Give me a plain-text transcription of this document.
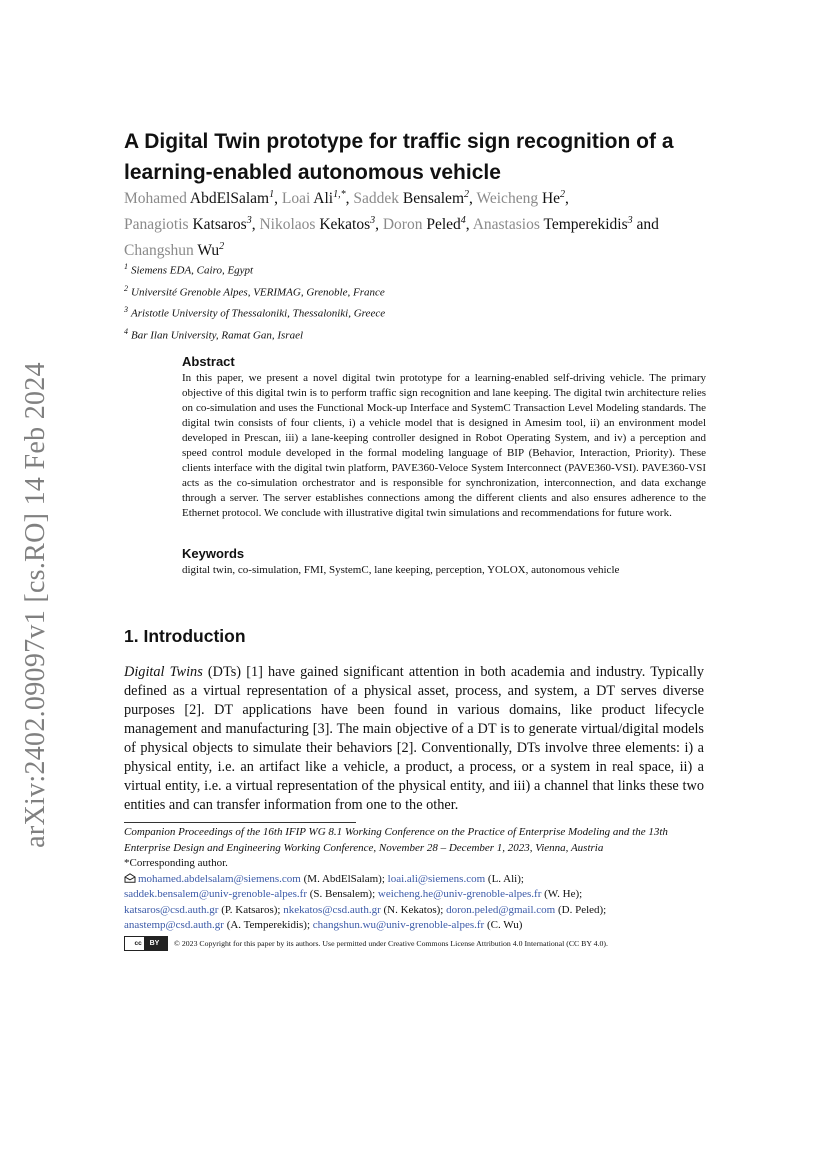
arXiv:2402.09097v1 [cs.RO] 14 Feb 2024
A Digital Twin prototype for traffic sign recognition of a learning-enabled autonomous vehicle
Mohamed AbdElSalam$^1$, Loai Ali$^{1,*}$, Saddek Bensalem$^2$, Weicheng He$^2$,
Panagiotis Katsaros$^3$, Nikolaos Kekatos$^3$, Doron Peled$^4$, Anastasios Temperekidis$^3$ and
Changshun Wu$^2$
$^1$ Siemens EDA, Cairo, Egypt
$^2$ Université Grenoble Alpes, VERIMAG, Grenoble, France
$^3$ Aristotle University of Thessaloniki, Thessaloniki, Greece
$^4$ Bar Ilan University, Ramat Gan, Israel
Abstract

In this paper, we present a novel digital twin prototype for a learning-enabled self-driving vehicle. The primary objective of this digital twin is to perform traffic sign recognition and lane keeping. The digital twin architecture relies on co-simulation and uses the Functional Mock-up Interface and SystemC Transaction Level Modeling standards. The digital twin consists of four clients, i) a vehicle model that is designed in Amesim tool, ii) an environment model developed in Prescan, iii) a lane-keeping controller designed in Robot Operating System, and iv) a perception and speed control module developed in the formal modeling language of BIP (Behavior, Interaction, Priority). These clients interface with the digital twin platform, PAVE360-Veloce System Interconnect (PAVE360-VSI). PAVE360-VSI acts as the co-simulation orchestrator and is responsible for synchronization, interconnection, and data exchange through a server. The server establishes connections among the different clients and also ensures adherence to the Ethernet protocol. We conclude with illustrative digital twin simulations and recommendations for future work.

Keywords

digital twin, co-simulation, FMI, SystemC, lane keeping, perception, YOLOX, autonomous vehicle

1. Introduction

Digital Twins (DTs) [1] have gained significant attention in both academia and industry. Typically defined as a virtual representation of a physical asset, process, and system, a DT serves diverse purposes [2]. DT applications have been found in various domains, like product lifecycle management and manufacturing [3]. The main objective of a DT is to generate virtual/digital models of physical objects to simulate their behaviors [2]. Conventionally, DTs involve three elements: i) a physical entity, i.e. an artifact like a vehicle, a product, a process, or a system in real space, ii) a virtual entity, i.e. a virtual representation of the physical entity, and iii) a channel that links these two entities and can transfer information from one to the other.

Companion Proceedings of the 16th IFIP WG 8.1 Working Conference on the Practice of Enterprise Modeling and the 13th Enterprise Design and Engineering Working Conference, November 28 – December 1, 2023, Vienna, Austria
*Corresponding author.
mohamed.abdelsalam@siemens.com (M. AbdElSalam); loai.ali@siemens.com (L. Ali);
saddek.bensalem@univ-grenoble-alpes.fr (S. Bensalem); weicheng.he@univ-grenoble-alpes.fr (W. He);
katsaros@csd.auth.gr (P. Katsaros); nkekatos@csd.auth.gr (N. Kekatos); doron.peled@gmail.com (D. Peled);
anastemp@csd.auth.gr (A. Temperekidis); changshun.wu@univ-grenoble-alpes.fr (C. Wu)
cc BY © 2023 Copyright for this paper by its authors. Use permitted under Creative Commons License Attribution 4.0 International (CC BY 4.0).
